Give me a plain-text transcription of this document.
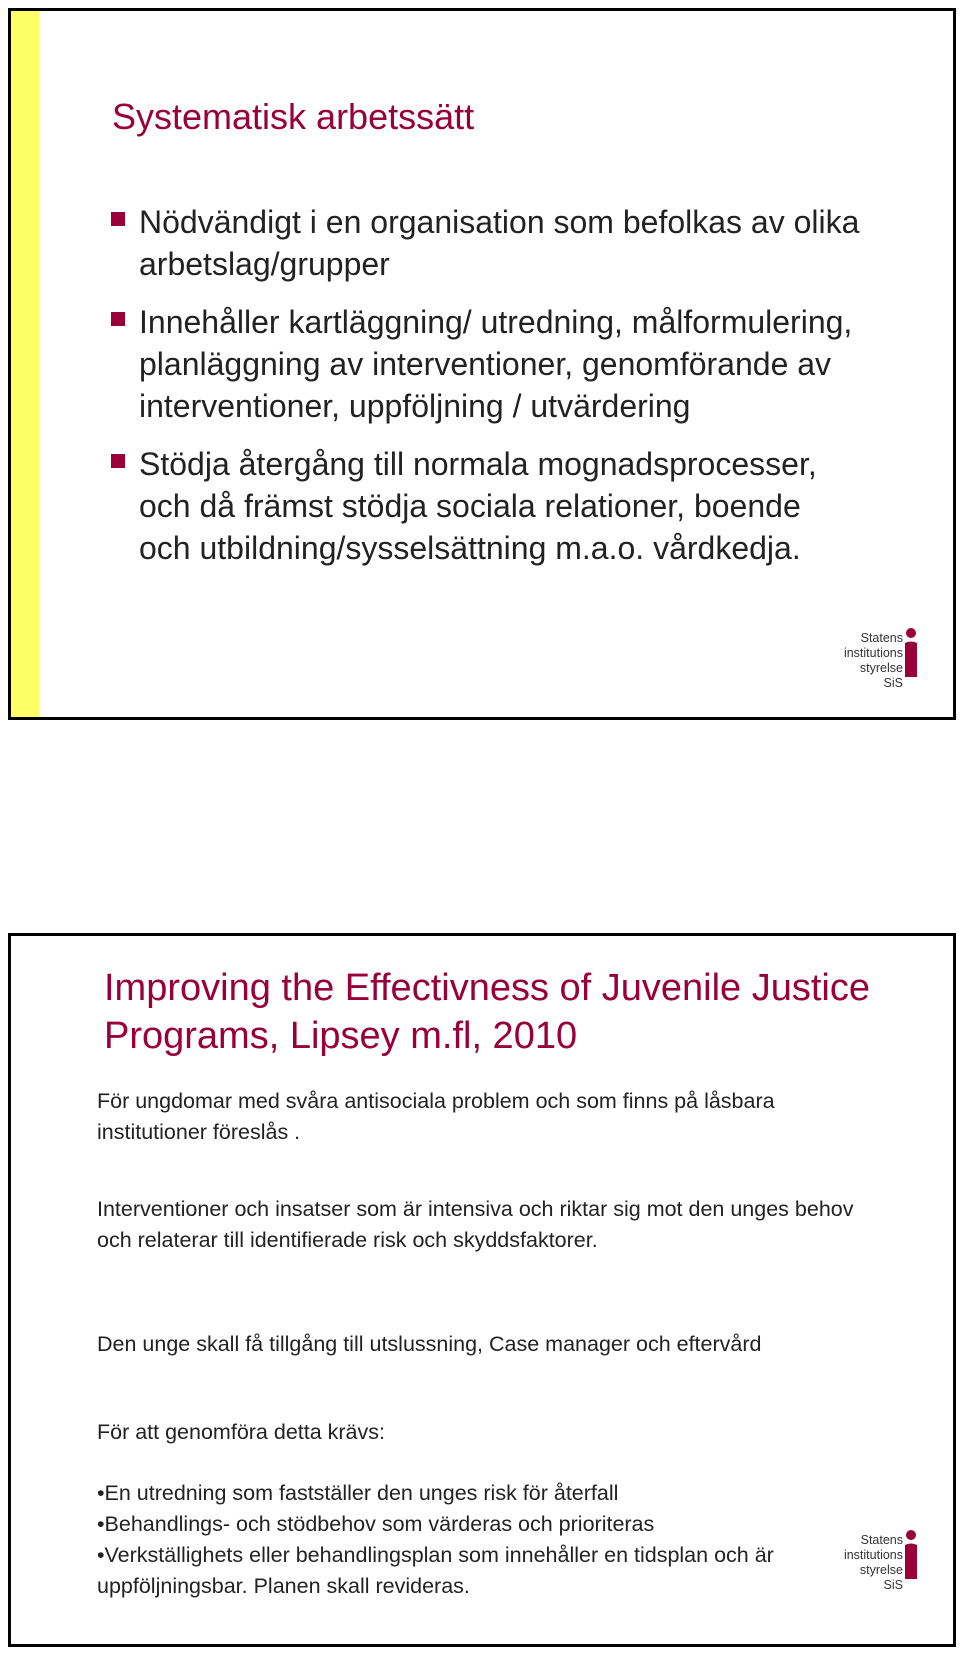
Systematisk arbetssätt
Nödvändigt i en organisation som befolkas av olika arbetslag/grupper
Innehåller kartläggning/ utredning, målformulering, planläggning av interventioner, genomförande av interventioner, uppföljning / utvärdering
Stödja återgång till normala mognadsprocesser, och då främst stödja sociala relationer, boende och utbildning/sysselsättning m.a.o. vårdkedja.
Statens
institutions
styrelse SiS
Improving the Effectivness of Juvenile Justice Programs, Lipsey m.fl, 2010

För ungdomar med svåra antisociala problem och som finns på låsbara institutioner föreslås .

Interventioner och insatser som är intensiva och riktar sig mot den unges behov och relaterar till identifierade risk och skyddsfaktorer.

Den unge skall få tillgång till utslussning, Case manager och eftervård

För att genomföra detta krävs:

•En utredning som fastställer den unges risk för återfall
•Behandlings- och stödbehov som värderas och prioriteras
•Verkställighets eller behandlingsplan som innehåller en tidsplan och är uppföljningsbar. Planen skall revideras.
Statens
institutions
styrelse SiS
